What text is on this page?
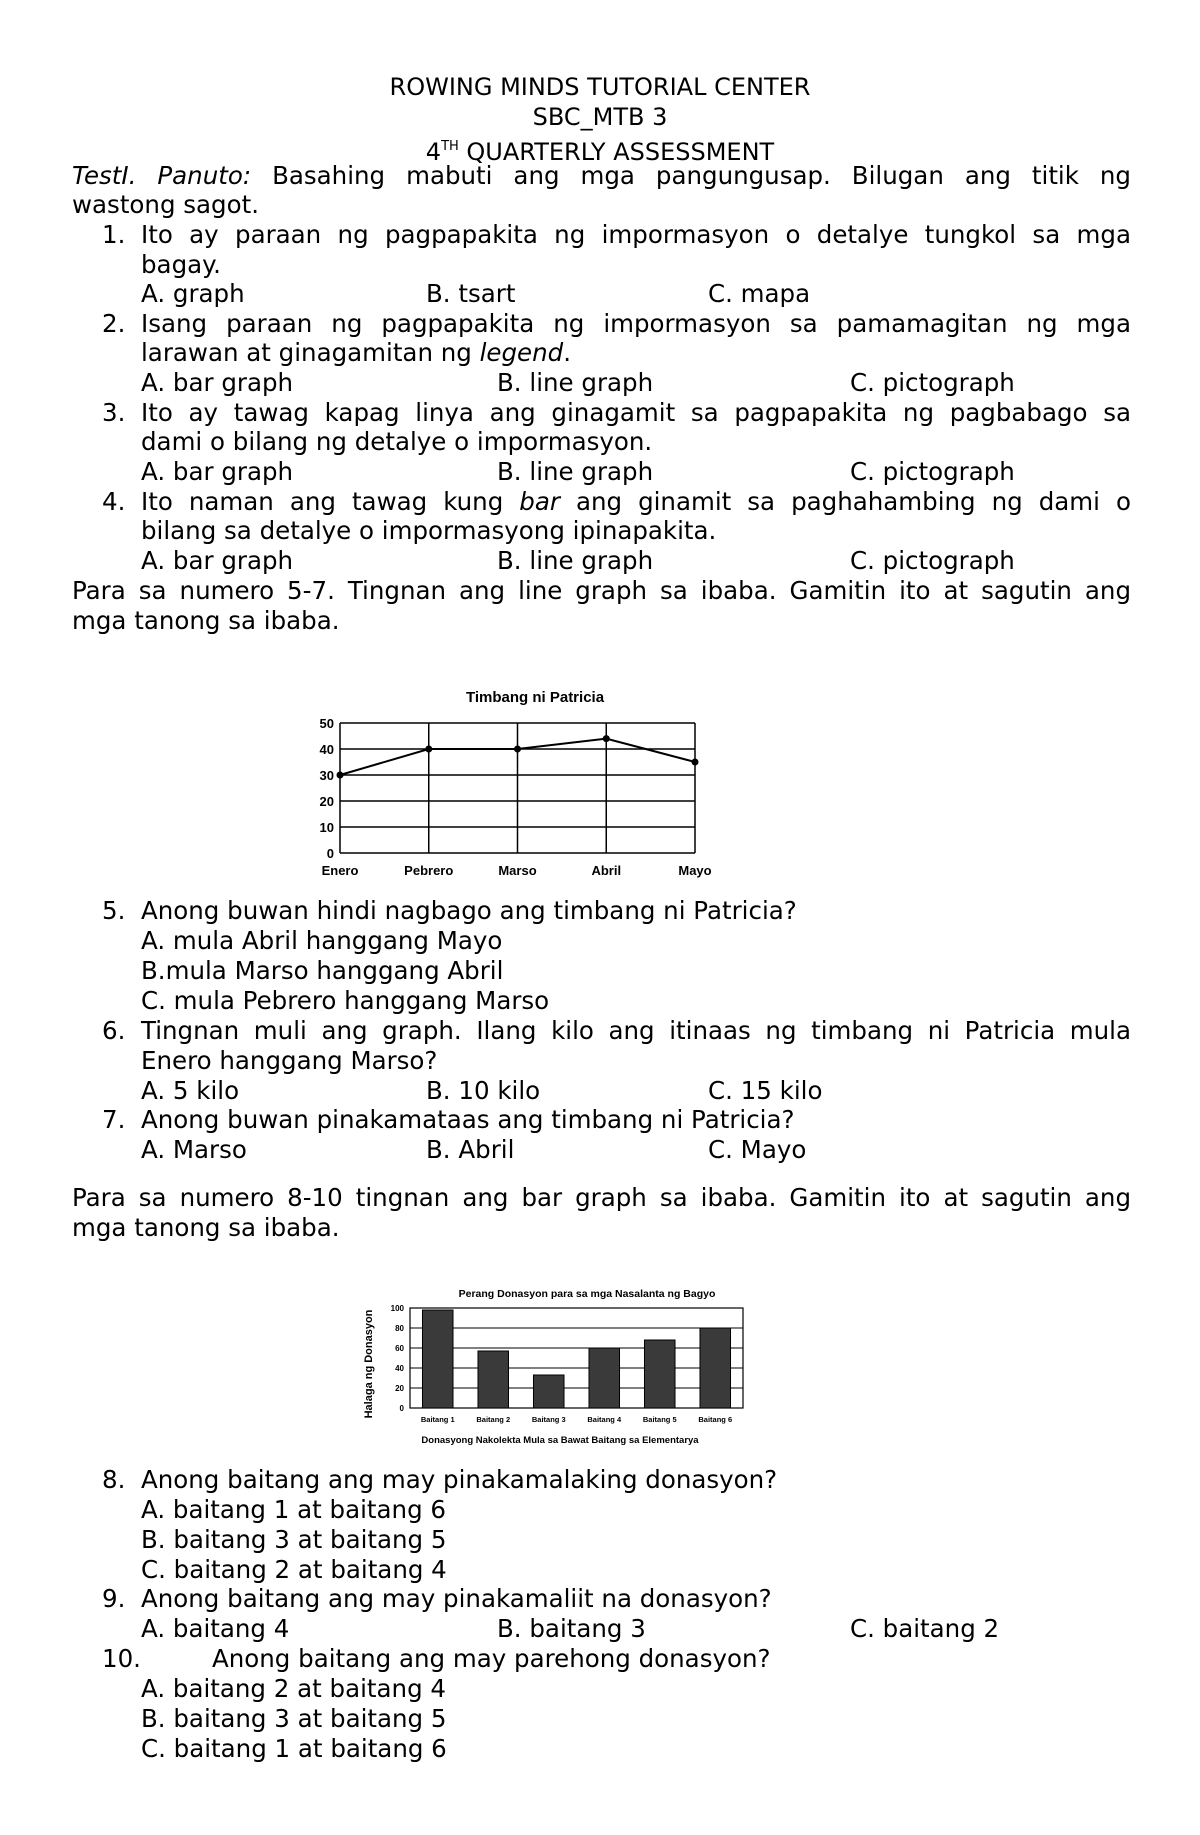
ROWING MINDS TUTORIAL CENTER
SBC_MTB 3
4TH QUARTERLY ASSESSMENT
TestI. Panuto: Basahing mabuti ang mga pangungusap. Bilugan ang titik ng
wastong sagot.
1. Ito ay paraan ng pagpapakita ng impormasyon o detalye tungkol sa mga
bagay.
A. graph	B. tsart	C. mapa
2. Isang paraan ng pagpapakita ng impormasyon sa pamamagitan ng mga
larawan at ginagamitan ng legend.
A. bar graph	B. line graph	C. pictograph
3. Ito ay tawag kapag linya ang ginagamit sa pagpapakita ng pagbabago sa
dami o bilang ng detalye o impormasyon.
A. bar graph	B. line graph	C. pictograph
4. Ito naman ang tawag kung bar ang ginamit sa paghahambing ng dami o
bilang sa detalye o impormasyong ipinapakita.
A. bar graph	B. line graph	C. pictograph
Para sa numero 5-7. Tingnan ang line graph sa ibaba. Gamitin ito at sagutin ang
mga tanong sa ibaba.
Timbang ni Patricia
0
10
20
30
40
50
Enero	Pebrero	Marso	Abril	Mayo
5. Anong buwan hindi nagbago ang timbang ni Patricia?
A. mula Abril hanggang Mayo
B.mula Marso hanggang Abril
C. mula Pebrero hanggang Marso
6. Tingnan muli ang graph. Ilang kilo ang itinaas ng timbang ni Patricia mula
Enero hanggang Marso?
A. 5 kilo	B. 10 kilo	C. 15 kilo
7. Anong buwan pinakamataas ang timbang ni Patricia?
A. Marso	B. Abril	C. Mayo
Para sa numero 8-10 tingnan ang bar graph sa ibaba. Gamitin ito at sagutin ang
mga tanong sa ibaba.
Perang Donasyon para sa mga Nasalanta ng Bagyo
Donasyong Nakolekta Mula sa Bawat Baitang sa Elementarya
Halaga ng Donasyon	0
20
40
60
80
100
Baitang 1	Baitang 2	Baitang 3	Baitang 4	Baitang 5	Baitang 6
8. Anong baitang ang may pinakamalaking donasyon?
A. baitang 1 at baitang 6
B. baitang 3 at baitang 5
C. baitang 2 at baitang 4
9. Anong baitang ang may pinakamaliit na donasyon?
A. baitang 4	B. baitang 3	C. baitang 2
10.	Anong baitang ang may parehong donasyon?
A. baitang 2 at baitang 4
B. baitang 3 at baitang 5
C. baitang 1 at baitang 6
